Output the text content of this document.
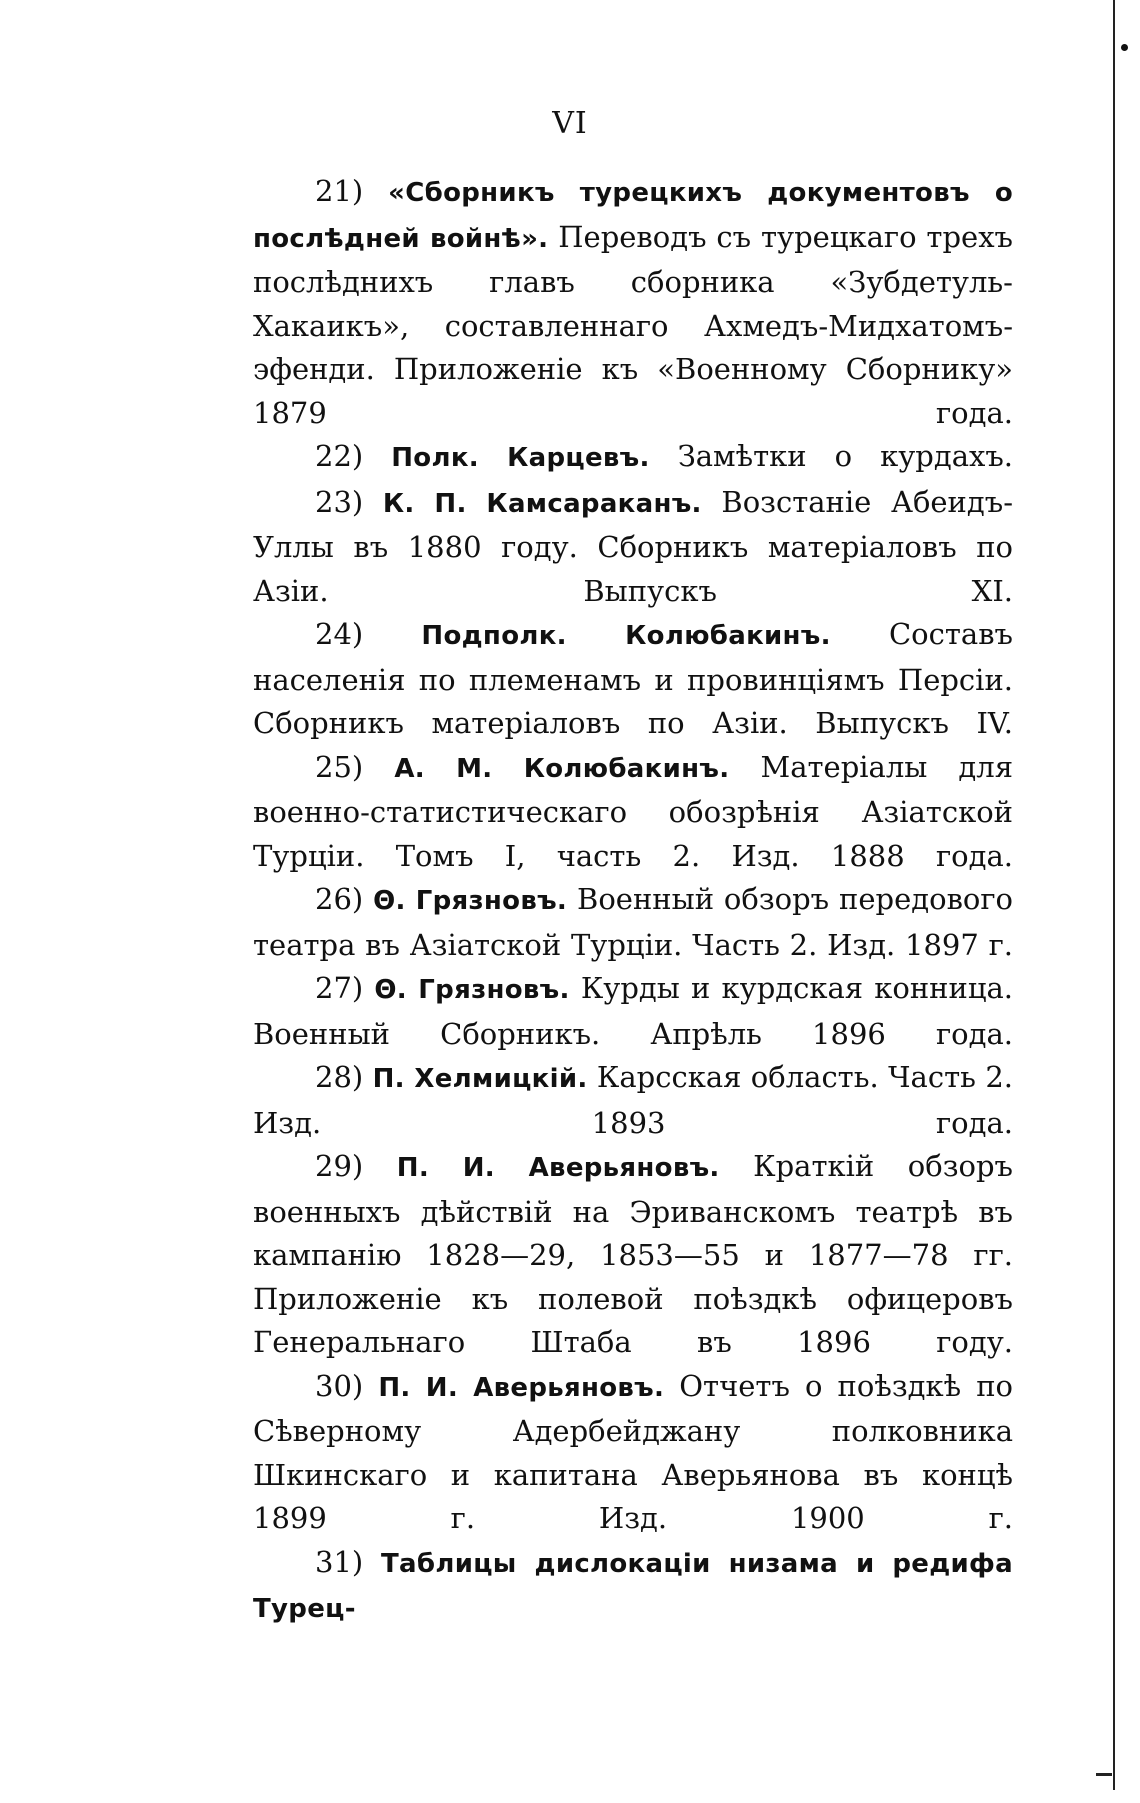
VI

21) «Сборникъ турецкихъ документовъ о послѣдней войнѣ». Переводъ съ турецкаго трехъ послѣднихъ главъ сборника «Зубдетуль-Хакаикъ», составленнаго Ахмедъ-Мидхатомъ-эфенди. Приложенiе къ «Военному Сборнику» 1879 года.

22) Полк. Карцевъ. Замѣтки о курдахъ.

23) К. П. Камсараканъ. Возстанiе Абеидъ-Уллы въ 1880 году. Сборникъ матерiаловъ по Азiи. Выпускъ XI.

24) Подполк. Колюбакинъ. Составъ населенiя по племенамъ и провинцiямъ Персiи. Сборникъ матерiаловъ по Азiи. Выпускъ IV.

25) А. М. Колюбакинъ. Матерiалы для военно-статистическаго обозрѣнiя Азiатской Турцiи. Томъ I, часть 2. Изд. 1888 года.

26) Θ. Грязновъ. Военный обзоръ передового театра въ Азiатской Турцiи. Часть 2. Изд. 1897 г.

27) Θ. Грязновъ. Курды и курдская конница. Военный Сборникъ. Апрѣль 1896 года.

28) П. Хелмицкiй. Карсская область. Часть 2. Изд. 1893 года.

29) П. И. Аверьяновъ. Краткiй обзоръ военныхъ дѣйствiй на Эриванскомъ театрѣ въ кампанiю 1828—29, 1853—55 и 1877—78 гг. Приложенiе къ полевой поѣздкѣ офицеровъ Генеральнаго Штаба въ 1896 году.

30) П. И. Аверьяновъ. Отчетъ о поѣздкѣ по Сѣверному Адербейджану полковника Шкинскаго и капитана Аверьянова въ концѣ 1899 г. Изд. 1900 г.

31) Таблицы дислокацiи низама и редифа Турец-
